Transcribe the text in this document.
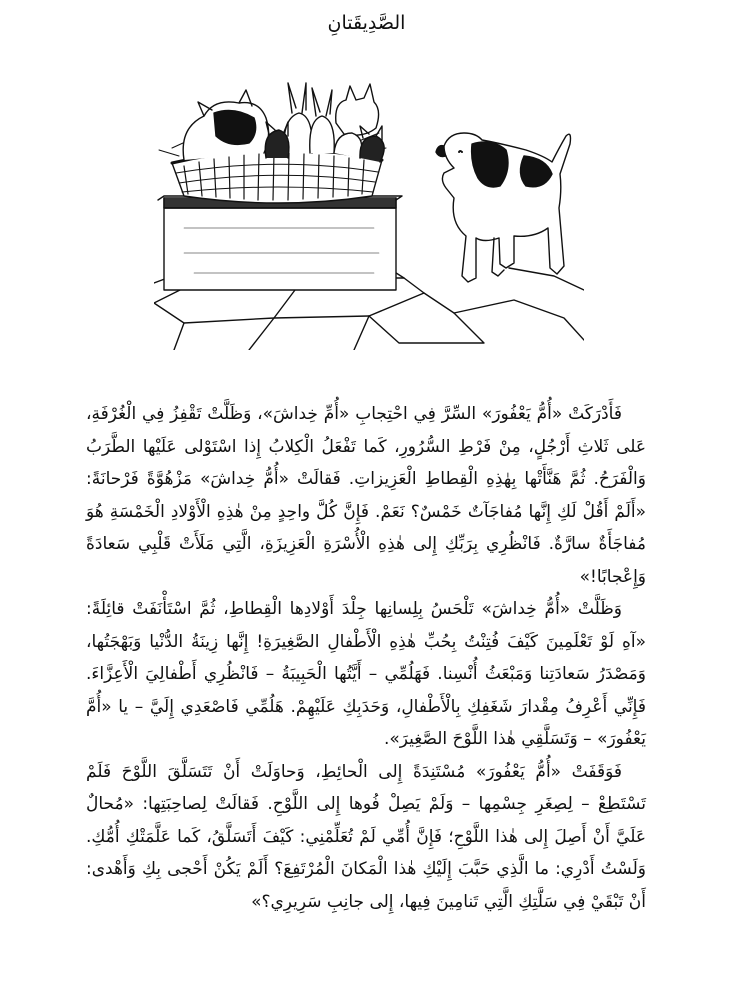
الصَّدِيقَتانِ

فَأَدْرَكَتْ «أُمُّ يَعْفُورَ» السِّرَّ فِي احْتِجابِ «أُمِّ خِداشَ»، وَظَلَّتْ تَقْفِزُ فِي الْغُرْفَةِ، عَلى ثَلاثِ أَرْجُلٍ، مِنْ فَرْطِ السُّرُورِ، كَما تَفْعَلُ الْكِلابُ إِذا اسْتَوْلى عَلَيْها الطَّرَبُ وَالْفَرَحُ. ثُمَّ هَنَّأَتْها بِهٰذِهِ الْقِطاطِ الْعَزِيزاتِ. فَقالَتْ «أُمُّ خِداشَ» مَزْهُوَّةً فَرْحانَةً: «أَلَمْ أَقُلْ لَكِ إِنَّها مُفاجَآتٌ خَمْسٌ؟ نَعَمْ. فَإِنَّ كُلَّ واحِدٍ مِنْ هٰذِهِ الْأَوْلادِ الْخَمْسَةِ هُوَ مُفاجَأَةٌ سارَّةٌ. فَانْظُرِي بِرَبِّكِ إِلى هٰذِهِ الْأُسْرَةِ الْعَزِيزَةِ، الَّتِي مَلَأَتْ قَلْبِي سَعادَةً وَإِعْجابًا!»

وَظَلَّتْ «أُمُّ خِداشَ» تَلْحَسُ بِلِسانِها جِلْدَ أَوْلادِها الْقِطاطِ، ثُمَّ اسْتَأْنَفَتْ قائِلَةً: «آهِ لَوْ تَعْلَمِينَ كَيْفَ فُتِنْتُ بِحُبِّ هٰذِهِ الْأَطْفالِ الصَّغِيرَةِ! إِنَّها زِينَةُ الدُّنْيا وَبَهْجَتُها، وَمَصْدَرُ سَعادَتِنا وَمَبْعَثُ أُنْسِنا. فَهَلُمِّي – أَيَّتُها الْحَبِيبَةُ – فَانْظُرِي أَطْفالِيَ الْأَعِزَّاءَ. فَإِنِّي أَعْرِفُ مِقْدارَ شَغَفِكِ بِالْأَطْفالِ، وَحَدَبِكِ عَلَيْهِمْ. هَلُمِّي فَاصْعَدِي إِلَيَّ – يا «أُمَّ يَعْفُورَ» – وَتَسَلَّقِي هٰذا اللَّوْحَ الصَّغِيرَ».

فَوَقَفَتْ «أُمُّ يَعْفُورَ» مُسْتَنِدَةً إِلى الْحائِطِ، وَحاوَلَتْ أَنْ تَتَسَلَّقَ اللَّوْحَ فَلَمْ تَسْتَطِعْ – لِصِغَرِ جِسْمِها – وَلَمْ يَصِلْ فُوها إِلى اللَّوْحِ. فَقالَتْ لِصاحِبَتِها: «مُحالٌ عَلَيَّ أَنْ أَصِلَ إِلى هٰذا اللَّوْحِ؛ فَإِنَّ أُمِّي لَمْ تُعَلِّمْنِي: كَيْفَ أَتَسَلَّقُ، كَما عَلَّمَتْكِ أُمُّكِ. وَلَسْتُ أَدْرِي: ما الَّذِي حَبَّبَ إِلَيْكِ هٰذا الْمَكانَ الْمُرْتَفِعَ؟ أَلَمْ يَكُنْ أَحْجى بِكِ وَأَهْدى: أَنْ تَبْقَيْ فِي سَلَّتِكِ الَّتِي تَنامِينَ فِيها، إِلى جانِبِ سَرِيرِي؟»
